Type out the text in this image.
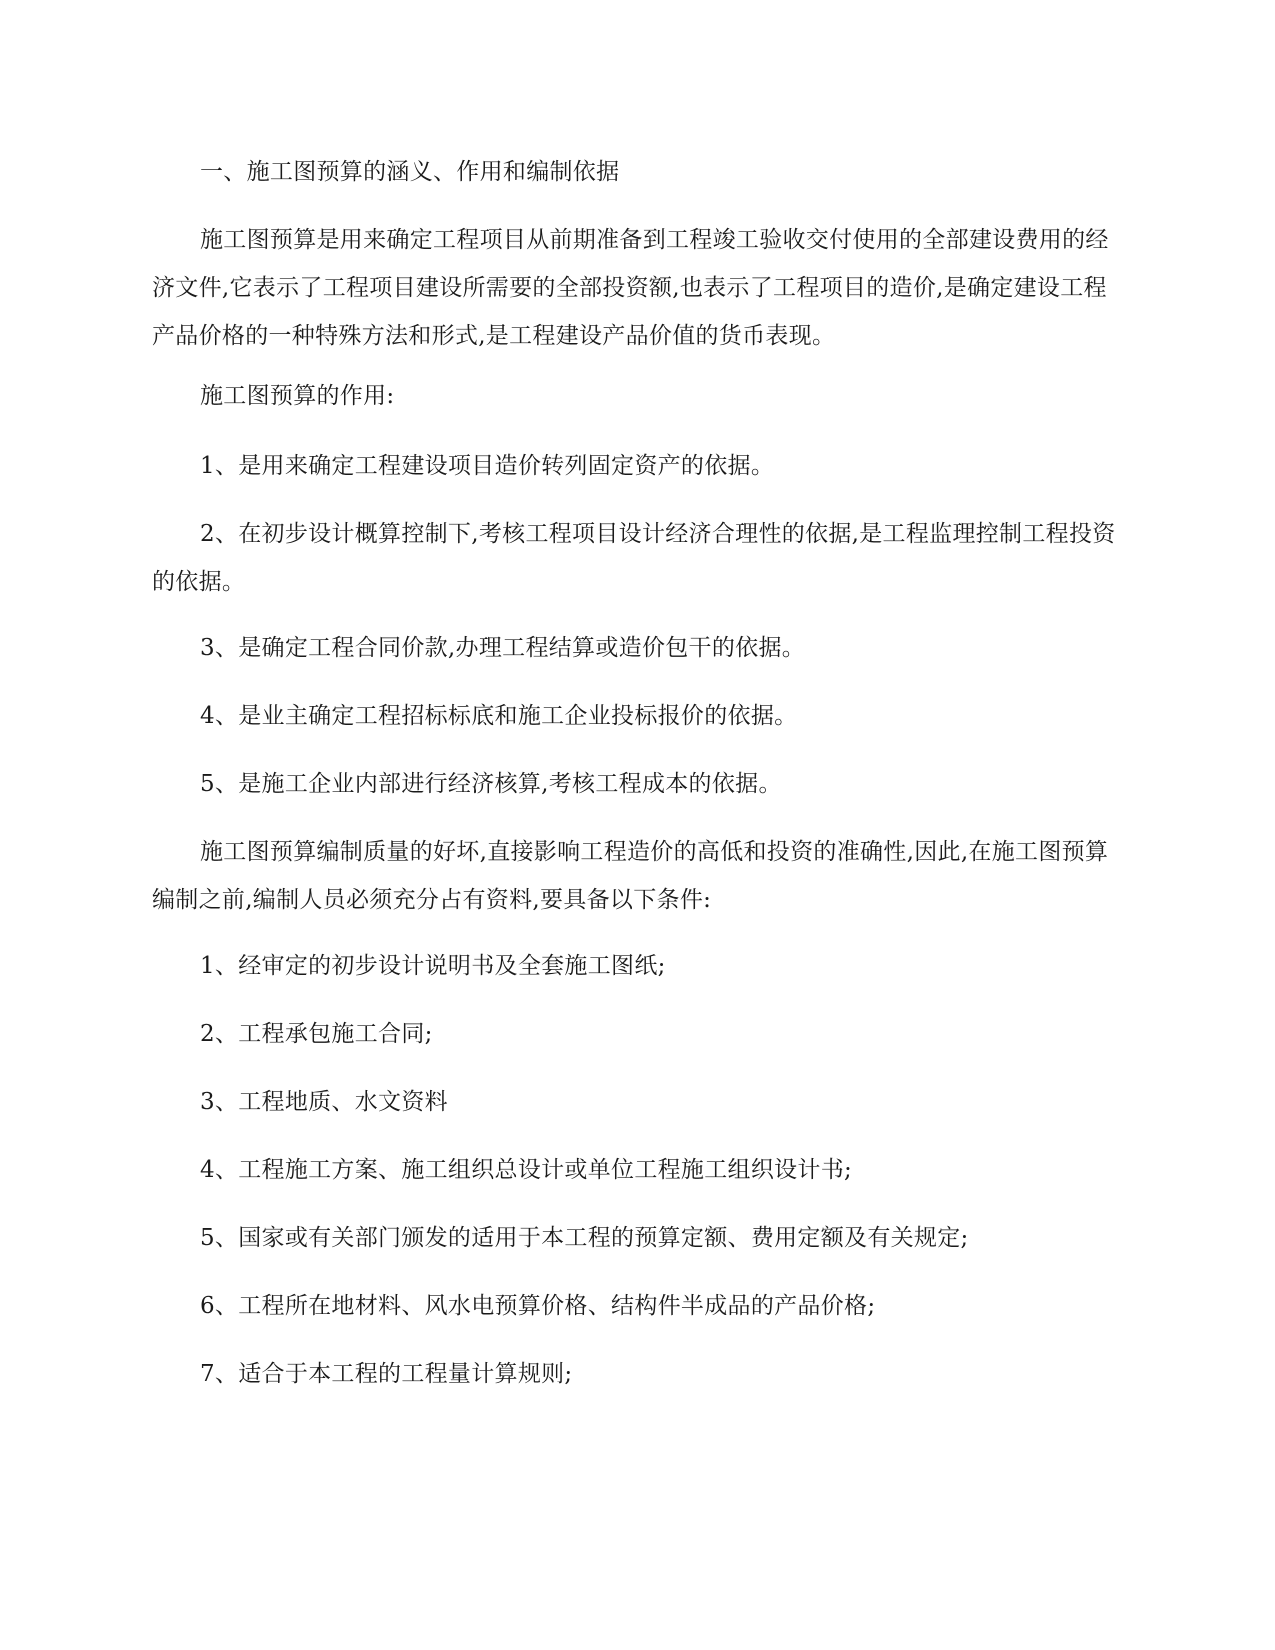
一、施工图预算的涵义、作用和编制依据

施工图预算是用来确定工程项目从前期准备到工程竣工验收交付使用的全部建设费用的经济文件,它表示了工程项目建设所需要的全部投资额,也表示了工程项目的造价,是确定建设工程产品价格的一种特殊方法和形式,是工程建设产品价值的货币表现。

施工图预算的作用:

1、是用来确定工程建设项目造价转列固定资产的依据。

2、在初步设计概算控制下,考核工程项目设计经济合理性的依据,是工程监理控制工程投资的依据。

3、是确定工程合同价款,办理工程结算或造价包干的依据。

4、是业主确定工程招标标底和施工企业投标报价的依据。

5、是施工企业内部进行经济核算,考核工程成本的依据。

施工图预算编制质量的好坏,直接影响工程造价的高低和投资的准确性,因此,在施工图预算编制之前,编制人员必须充分占有资料,要具备以下条件:

1、经审定的初步设计说明书及全套施工图纸;

2、工程承包施工合同;

3、工程地质、水文资料

4、工程施工方案、施工组织总设计或单位工程施工组织设计书;

5、国家或有关部门颁发的适用于本工程的预算定额、费用定额及有关规定;

6、工程所在地材料、风水电预算价格、结构件半成品的产品价格;

7、适合于本工程的工程量计算规则;
